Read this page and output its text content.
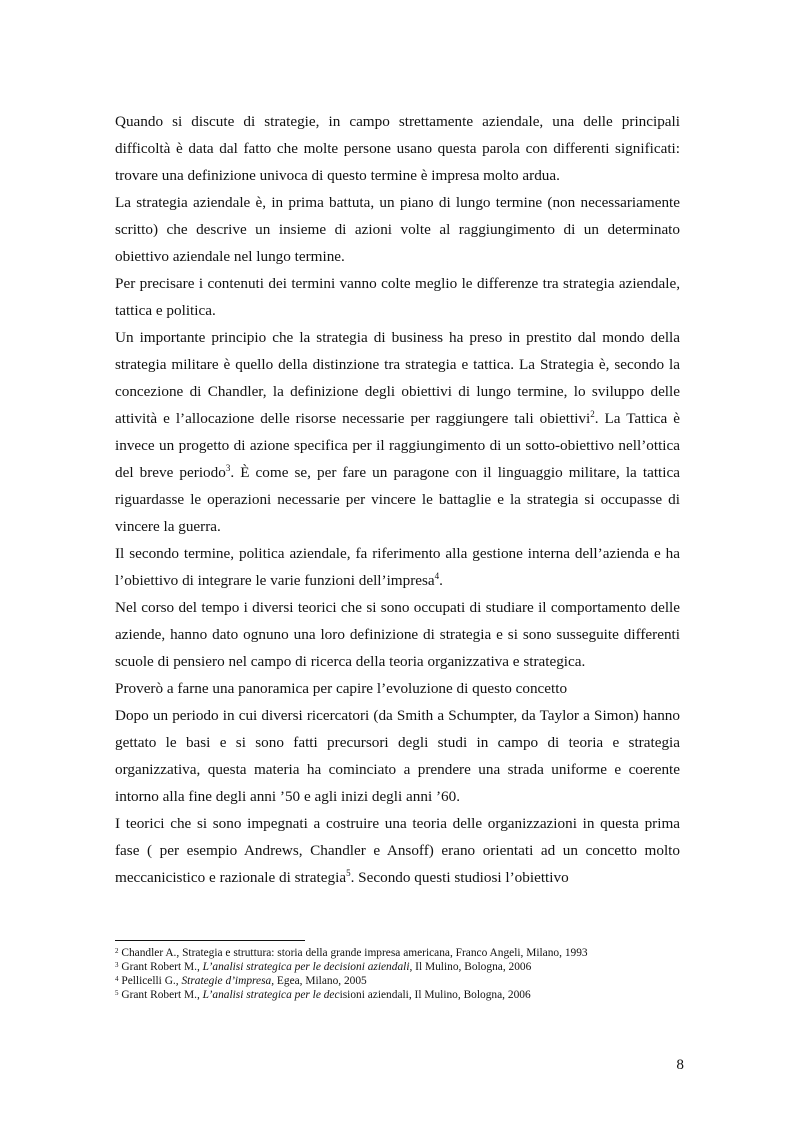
Quando si discute di strategie, in campo strettamente aziendale, una delle principali difficoltà è data dal fatto che molte persone usano questa parola con differenti significati: trovare una definizione univoca di questo termine è impresa molto ardua.

La strategia aziendale è, in prima battuta, un piano di lungo termine (non necessariamente scritto) che descrive un insieme di azioni volte al raggiungimento di un determinato obiettivo aziendale nel lungo termine.

Per precisare i contenuti dei termini vanno colte meglio le differenze tra strategia aziendale, tattica e politica.

Un importante principio che la strategia di business ha preso in prestito dal mondo della strategia militare è quello della distinzione tra strategia e tattica. La Strategia è, secondo la concezione di Chandler, la definizione degli obiettivi di lungo termine, lo sviluppo delle attività e l’allocazione delle risorse necessarie per raggiungere tali obiettivi$^2$. La Tattica è invece un progetto di azione specifica per il raggiungimento di un sotto-obiettivo nell’ottica del breve periodo$^3$. È come se, per fare un paragone con il linguaggio militare, la tattica riguardasse le operazioni necessarie per vincere le battaglie e la strategia si occupasse di vincere la guerra.

Il secondo termine, politica aziendale, fa riferimento alla gestione interna dell’azienda e ha l’obiettivo di integrare le varie funzioni dell’impresa$^4$.

Nel corso del tempo i diversi teorici che si sono occupati di studiare il comportamento delle aziende, hanno dato ognuno una loro definizione di strategia e si sono susseguite differenti scuole di pensiero nel campo di ricerca della teoria organizzativa e strategica.

Proverò a farne una panoramica per capire l’evoluzione di questo concetto

Dopo un periodo in cui diversi ricercatori (da Smith a Schumpter, da Taylor a Simon) hanno gettato le basi e si sono fatti precursori degli studi in campo di teoria e strategia organizzativa, questa materia ha cominciato a prendere una strada uniforme e coerente intorno alla fine degli anni ’50 e agli inizi degli anni ’60.

I teorici che si sono impegnati a costruire una teoria delle organizzazioni in questa prima fase ( per esempio Andrews, Chandler e Ansoff) erano orientati ad un concetto molto meccanicistico e razionale di strategia$^5$. Secondo questi studiosi l’obiettivo

$^2$ Chandler A., Strategia e struttura: storia della grande impresa americana, Franco Angeli, Milano, 1993

$^3$ Grant Robert M., L’analisi strategica per le decisioni aziendali, Il Mulino, Bologna, 2006

$^4$ Pellicelli G., Strategie d’impresa, Egea, Milano, 2005

$^5$ Grant Robert M., L’analisi strategica per le decisioni aziendali, Il Mulino, Bologna, 2006

8
